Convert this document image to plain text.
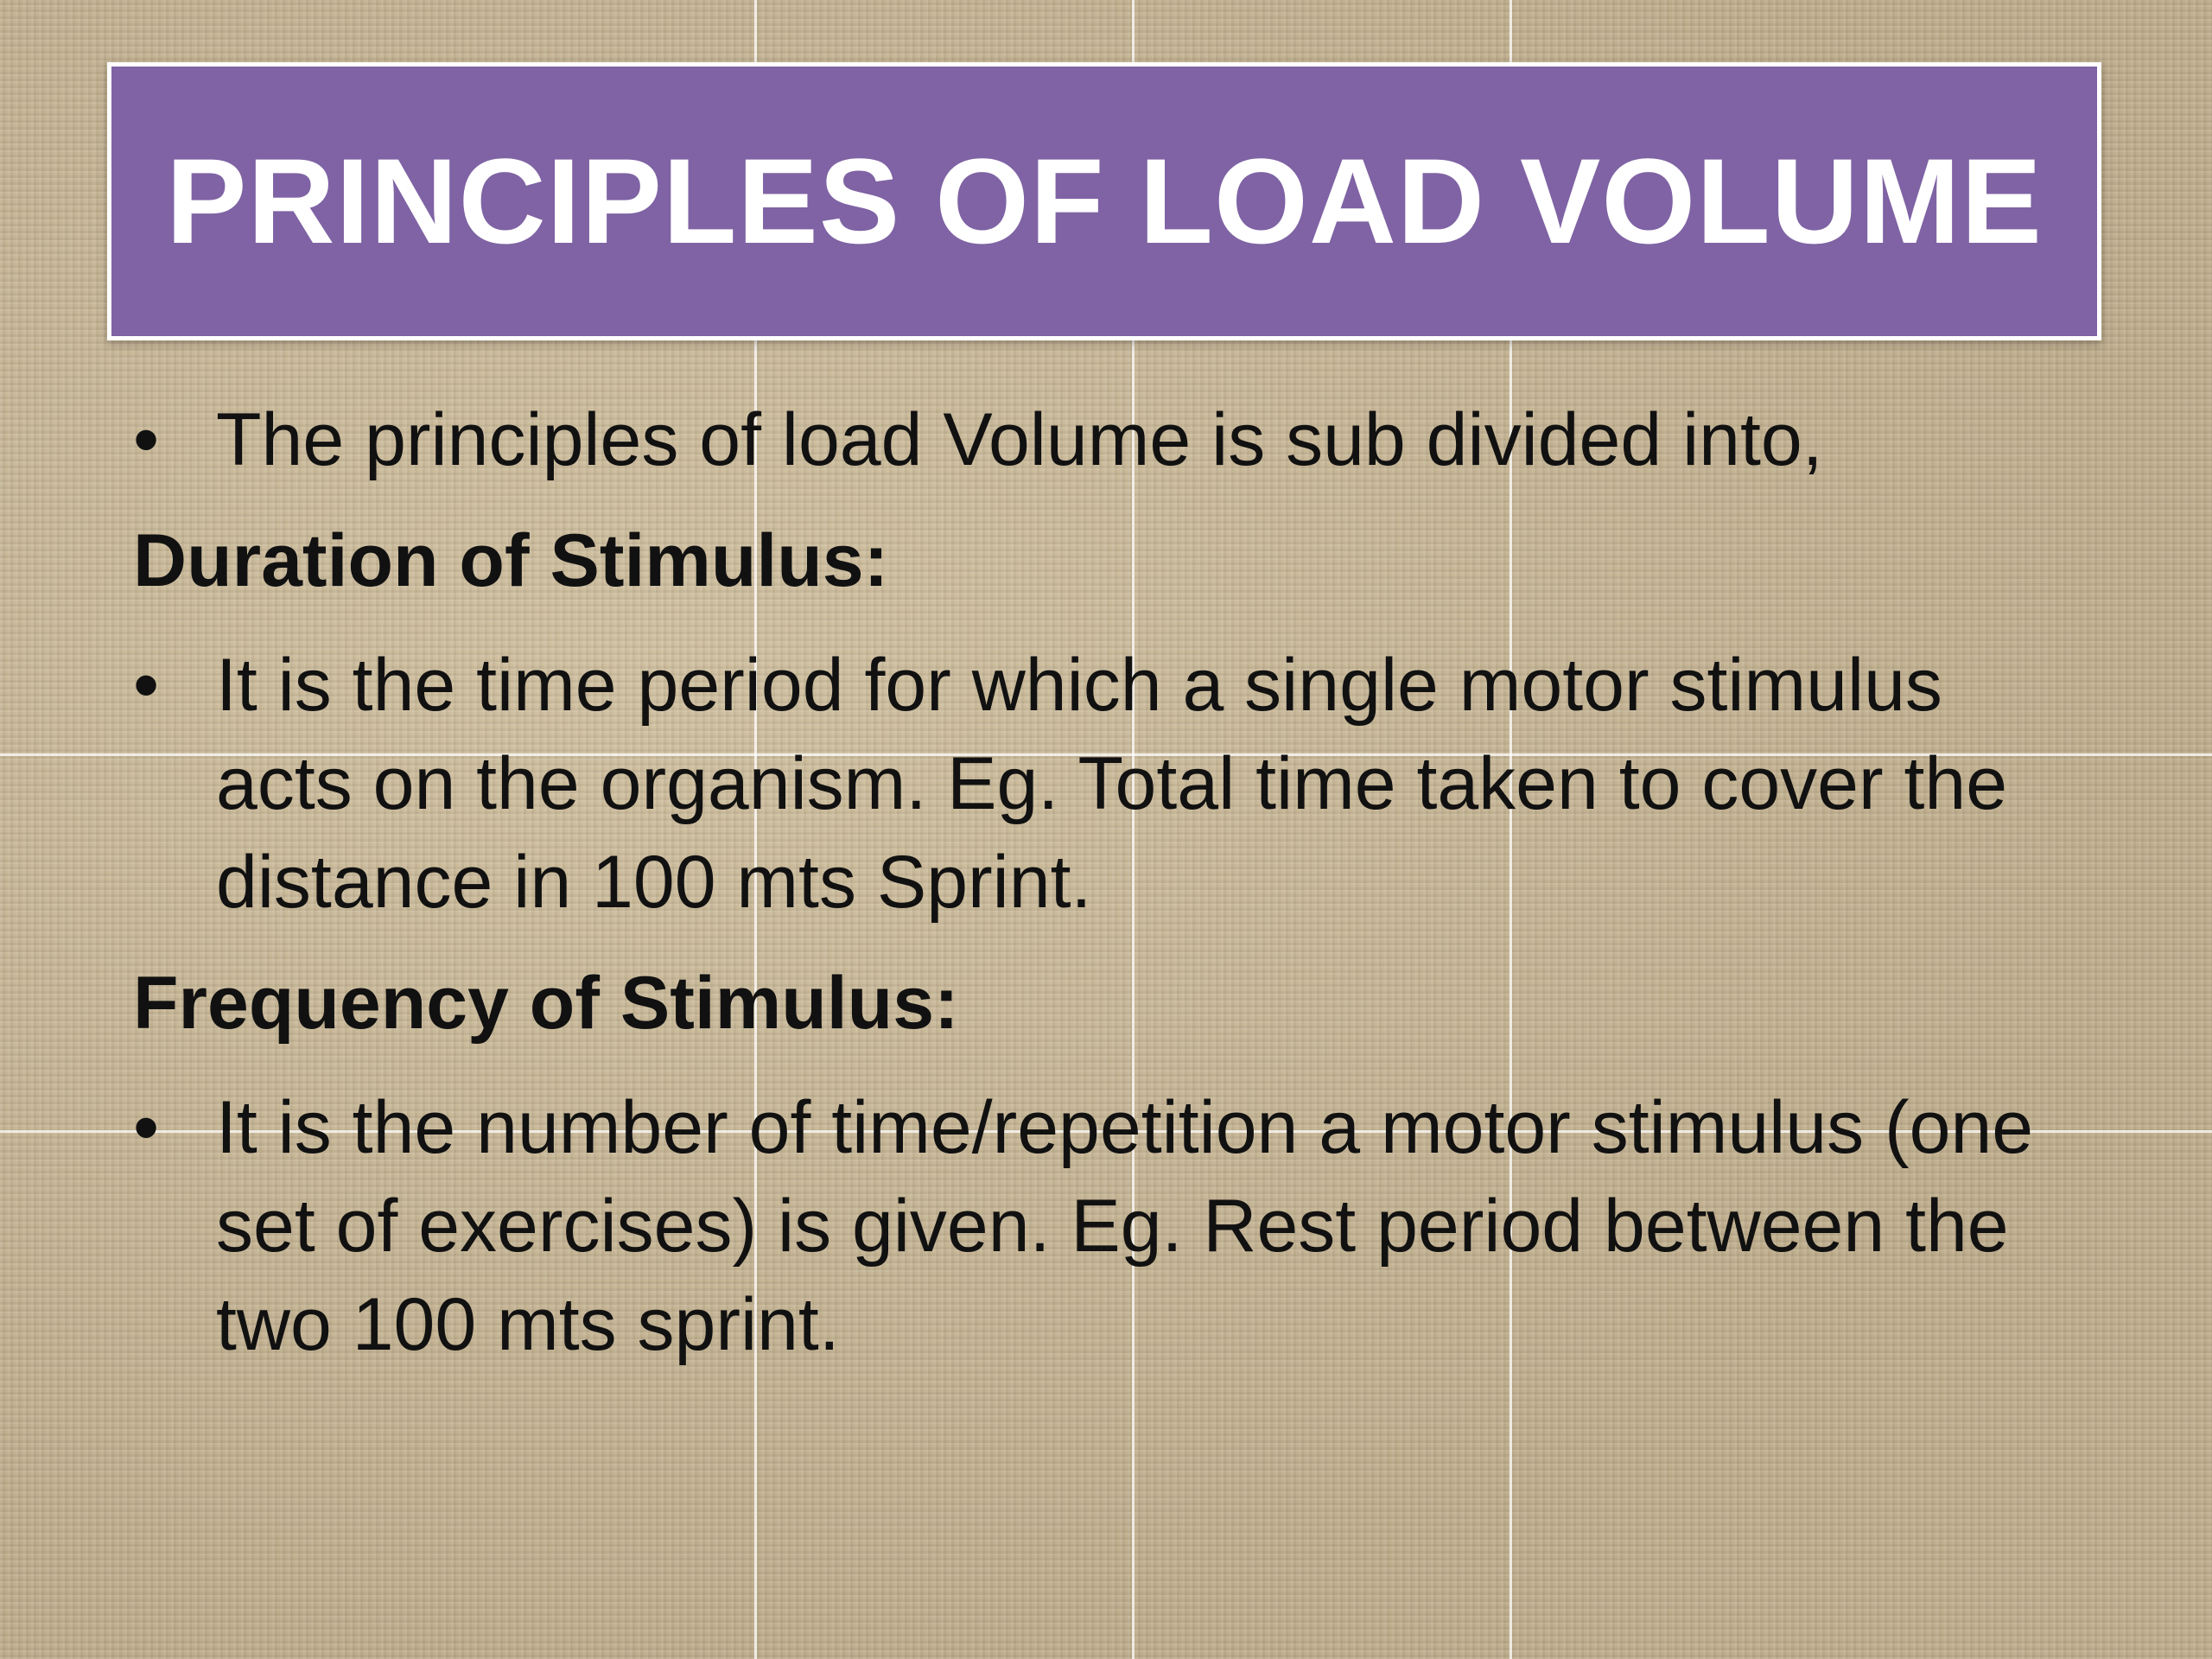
PRINCIPLES OF LOAD VOLUME
• The principles of load Volume is sub divided into,
Duration of Stimulus:
• It is the time period for which a single motor stimulus acts on the organism. Eg. Total time taken to cover the distance in 100 mts Sprint.
Frequency of Stimulus:
• It is the number of time/repetition a motor stimulus (one set of exercises) is given. Eg. Rest period between the two 100 mts sprint.
